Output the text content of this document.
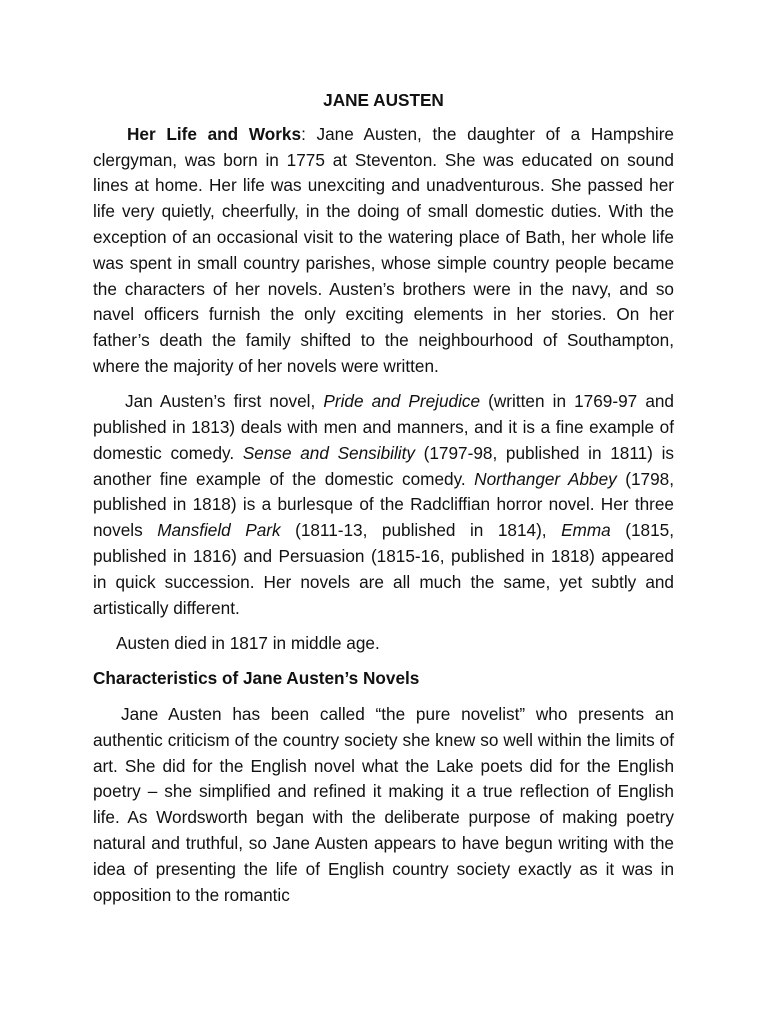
JANE AUSTEN

Her Life and Works: Jane Austen, the daughter of a Hampshire clergyman, was born in 1775 at Steventon. She was educated on sound lines at home. Her life was unexciting and unadventurous. She passed her life very quietly, cheerfully, in the doing of small domestic duties. With the exception of an occasional visit to the watering place of Bath, her whole life was spent in small country parishes, whose simple country people became the characters of her novels. Austen’s brothers were in the navy, and so navel officers furnish the only exciting elements in her stories. On her father’s death the family shifted to the neighbourhood of Southampton, where the majority of her novels were written.

Jan Austen’s first novel, Pride and Prejudice (written in 1769-97 and published in 1813) deals with men and manners, and it is a fine example of domestic comedy. Sense and Sensibility (1797-98, published in 1811) is another fine example of the domestic comedy. Northanger Abbey (1798, published in 1818) is a burlesque of the Radcliffian horror novel. Her three novels Mansfield Park (1811-13, published in 1814), Emma (1815, published in 1816) and Persuasion (1815-16, published in 1818) appeared in quick succession. Her novels are all much the same, yet subtly and artistically different.

Austen died in 1817 in middle age.

Characteristics of Jane Austen’s Novels

Jane Austen has been called “the pure novelist” who presents an authentic criticism of the country society she knew so well within the limits of art. She did for the English novel what the Lake poets did for the English poetry – she simplified and refined it making it a true reflection of English life. As Wordsworth began with the deliberate purpose of making poetry natural and truthful, so Jane Austen appears to have begun writing with the idea of presenting the life of English country society exactly as it was in opposition to the romantic
